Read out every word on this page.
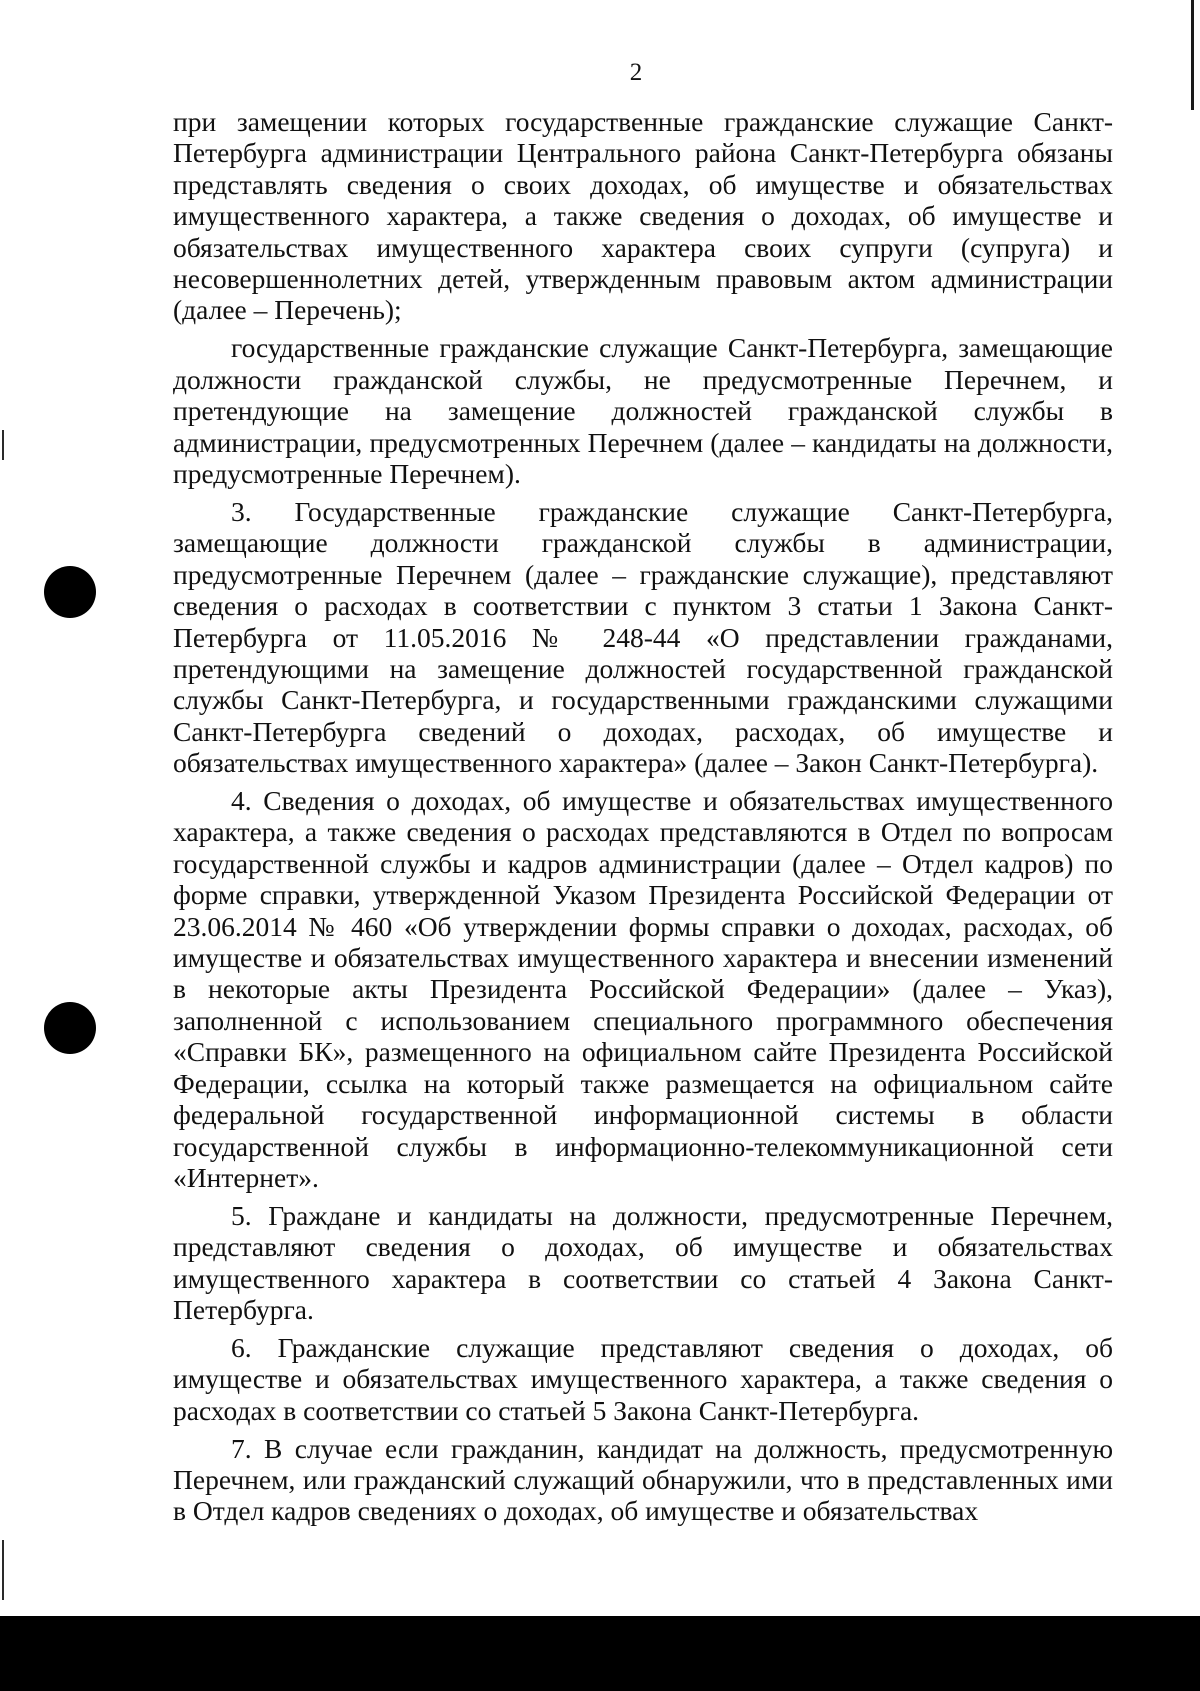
2

при замещении которых государственные гражданские служащие Санкт-Петербурга администрации Центрального района Санкт-Петербурга обязаны представлять сведения о своих доходах, об имуществе и обязательствах имущественного характера, а также сведения о доходах, об имуществе и обязательствах имущественного характера своих супруги (супруга) и несовершеннолетних детей, утвержденным правовым актом администрации (далее – Перечень);

государственные гражданские служащие Санкт-Петербурга, замещающие должности гражданской службы, не предусмотренные Перечнем, и претендующие на замещение должностей гражданской службы в администрации, предусмотренных Перечнем (далее – кандидаты на должности, предусмотренные Перечнем).

3. Государственные гражданские служащие Санкт-Петербурга, замещающие должности гражданской службы в администрации, предусмотренные Перечнем (далее – гражданские служащие), представляют сведения о расходах в соответствии с пунктом 3 статьи 1 Закона Санкт-Петербурга от 11.05.2016 № 248-44 «О представлении гражданами, претендующими на замещение должностей государственной гражданской службы Санкт-Петербурга, и государственными гражданскими служащими Санкт-Петербурга сведений о доходах, расходах, об имуществе и обязательствах имущественного характера» (далее – Закон Санкт-Петербурга).

4. Сведения о доходах, об имуществе и обязательствах имущественного характера, а также сведения о расходах представляются в Отдел по вопросам государственной службы и кадров администрации (далее – Отдел кадров) по форме справки, утвержденной Указом Президента Российской Федерации от 23.06.2014 № 460 «Об утверждении формы справки о доходах, расходах, об имуществе и обязательствах имущественного характера и внесении изменений в некоторые акты Президента Российской Федерации» (далее – Указ), заполненной с использованием специального программного обеспечения «Справки БК», размещенного на официальном сайте Президента Российской Федерации, ссылка на который также размещается на официальном сайте федеральной государственной информационной системы в области государственной службы в информационно-телекоммуникационной сети «Интернет».

5. Граждане и кандидаты на должности, предусмотренные Перечнем, представляют сведения о доходах, об имуществе и обязательствах имущественного характера в соответствии со статьей 4 Закона Санкт-Петербурга.

6. Гражданские служащие представляют сведения о доходах, об имуществе и обязательствах имущественного характера, а также сведения о расходах в соответствии со статьей 5 Закона Санкт-Петербурга.

7. В случае если гражданин, кандидат на должность, предусмотренную Перечнем, или гражданский служащий обнаружили, что в представленных ими в Отдел кадров сведениях о доходах, об имуществе и обязательствах
